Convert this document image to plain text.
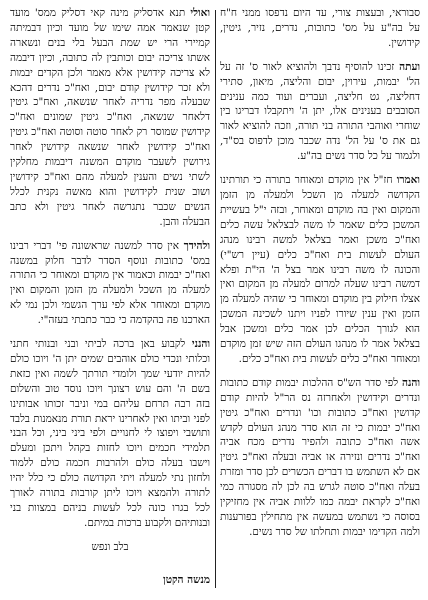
סבוראי, ובעצות צורי, עד היום נדפסו ממני ח"ח על בה"ע על מס' כתובות, נדרים, נזיר, גיטין, קידושין.

ועתה זכינו להוסיף נדבך ולהוציא לאור ס' זה על הל' יבמות, עירוין, יבום והליצה, מיאון, סתירי דחליצה, גט חליצה, ועברים ועוד כמה ענינים הסובבים בענינים אלו, יתן ה' ויתקבלו דבריגו בין שוחרי ואוהבי התורה בני תורה, וזכה להוציא לאור גם את ס' על הל' נדה שכבר מוכן לדפוס בס"ד, ולגמור על כל סדר נשים בה"ע.

ואמרו חז"ל אין מוקדם ומאוחר בתורה כי תורתינו הקדושה למעלה מן השכל ולמעלה מן הזמן והמקום ואין בה מוקדם ומאוחר, ובזה י"ל בעשיית המשכן כלים שאמר לו משה לבצלאל עשה כלים ואח"כ משכן ואמר בצלאל למשה רבינו מנהג העולם לעשות בית ואח"כ כלים (עיין רש"י) והכונה לו משה רבינו אמר בצל ה' הי"ת ופלא דמשה רבינו שעלה למרום למעלה מן המקום ואין אצלו חילוק בין מוקדם ומאוחר כי שהיה למעלה מן הזמן ואין ענין שיורו לפניו ויתנו לשכינה המשכן הוא לגורך הכלים לכן אמר כלים ומשכן אבל בצלאל אמר לו מנהגו העולם הזה שיש זמן מוקדם ומאוחר ואח"כ כלים לעשות בית ואח"כ כלים.

והנה לפי סדר הש"ס ההלכות יבמות קודם כתובות ונדרים וקידושין ולאחרזה נס הר"ל להיות קודם קדושין ואח"כ כתובות וכו' ונדרים ואח"כ גיטין ואח"כ יבמות כי זה הוא סדר מנהג העולם לקדש אשה ואח"כ כתובה ולהפיר נדרים מכח אביה ואח"כ נדרים ונזירה או אביה ובעלה ואח"כ גיטין אם לא השתמש בו דברים הכשרים לכן סדר ומזרת בעלה ואח"כ סוטה לגרש בה לכן לה מסגורה כמי ואח"כ לקראת יבמה כמו ללוות אביה אין מחזיקין בסוסה כי נשתמש במעשה אין מתחילין בפורענות ולמה הקדימו יבמות ותחלתו של סדר נשים.

ואולי תנא אדסליק מינה קאי דסליק ממס' מועד קטן שנאמר אמה שימו של מועד וכיון דבמיתה קמיירי הרי יש שמת הבעל בלי בנים ונשארה אשתו צריכה יבום וכותבין לה כתובה, וכיון דיבמה לא צריכה קידושין אלא מאמר ולכן הקדים יבמות ולא זכר קידושין קודם יבום, ואח"כ נדרים דהכא שבעלה מפר נדריה לאחר שנשאה, ואח"כ גיטין דלאחר שנשאה, ואח"כ גיטין שמונים ואח"כ קידושין שמוסר רק לאחר סוטה וסוטה ואח"כ גיטין ואח"כ קידושין לאחר שנשאה קידושין לאחר גירושין לשעבר מוקדם המשנה דיבמות מחלקין לשתי נשים והענין למעלה מהם ואח"כ קידושין ושוב שנית לקידושין והוא מאשה נקנית לכלל הנשים שכבר נתגרשה לאחר גיטין ולא כתב הבעלה והבן.

ולהידך אין סדר למשנה שראשונה פי' דברי רבינו במס' כתובות ונוסף הסדר לדבר חלוק במשנה ואח"כ יבמות וכאמור אין מוקדם ומאוחר כי התורה למעלה מן השכל ולמעלה מן הזמן והמקום ואין מוקדם ומאוחר אלא לפי ערך הגשמי ולכן נמי לא הארכנו פה בהקדמה כי כבר כתבתי בעזה"י.

והנני לקבוע באן ברכה לביתי ובני ובנותי חתני וכלותי ונכדי כולם אוהבים שמים יתן ה' ויוכו כולם להיות יודעי שמך ולומדי תורתך לשמה ואין כזאת בשם ה' והם עוש רצונך ויוכו נוסד טוב והשלום בזה רבה תרחם עליהם במי וניבר זכותו אבותינו לפני וביתו ואין לאחרינו יראת תורת מנאמנות בלבד ותושבי ויפוצו לי לחנויים ולפי ביני ביני, וכל הבני תלמידי חכמים ויוכו לחזות בקהל ויתכן ומעלם וישבו בעלה כולם ולהרבות חכמה כולם ללמוד ולחזון נתי למעלה ויתי הקדושה כולם כי כלל יהיו לתורה ולהמצא ויוכו ליתן קורבות בתורה לאורך לכל בגרו כונה לכל לעשות בניהם במצוות בני ובנותיהם ולקבוע ברכות במיתם.

בלב ונפש

מנשה הקטן
